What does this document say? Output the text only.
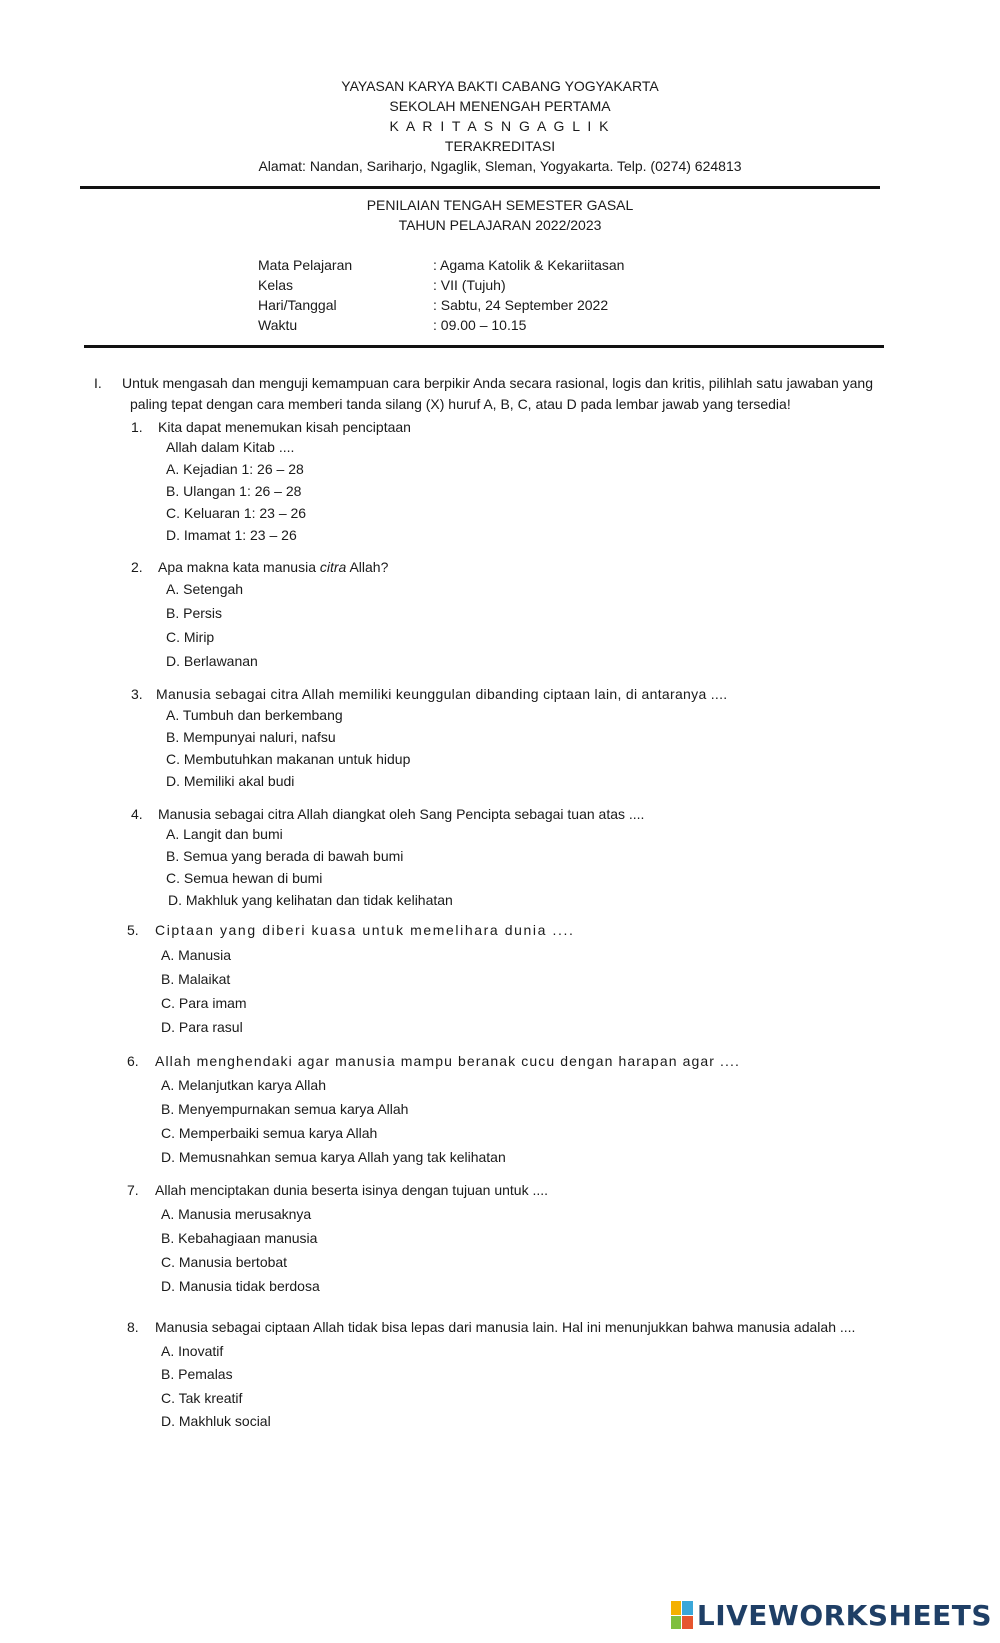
YAYASAN KARYA BAKTI CABANG YOGYAKARTA
SEKOLAH MENENGAH PERTAMA
K A R I T A S N G A G L I K
TERAKREDITASI
Alamat: Nandan, Sariharjo, Ngaglik, Sleman, Yogyakarta. Telp. (0274) 624813
PENILAIAN TENGAH SEMESTER GASAL
TAHUN PELAJARAN 2022/2023
Mata Pelajaran	: Agama Katolik & Kekariitasan
Kelas	: VII (Tujuh)
Hari/Tanggal	: Sabtu, 24 September 2022
Waktu	: 09.00 – 10.15
I. Untuk mengasah dan menguji kemampuan cara berpikir Anda secara rasional, logis dan kritis, pilihlah satu jawaban yang
paling tepat dengan cara memberi tanda silang (X) huruf A, B, C, atau D pada lembar jawab yang tersedia!
1. Kita dapat menemukan kisah penciptaan
Allah dalam Kitab ....
A. Kejadian 1: 26 – 28
B. Ulangan 1: 26 – 28
C. Keluaran 1: 23 – 26
D. Imamat 1: 23 – 26
2. Apa makna kata manusia citra Allah?
A. Setengah
B. Persis
C. Mirip
D. Berlawanan
3. Manusia sebagai citra Allah memiliki keunggulan dibanding ciptaan lain, di antaranya ....
A. Tumbuh dan berkembang
B. Mempunyai naluri, nafsu
C. Membutuhkan makanan untuk hidup
D. Memiliki akal budi
4. Manusia sebagai citra Allah diangkat oleh Sang Pencipta sebagai tuan atas ....
A. Langit dan bumi
B. Semua yang berada di bawah bumi
C. Semua hewan di bumi
D. Makhluk yang kelihatan dan tidak kelihatan
5. Ciptaan yang diberi kuasa untuk memelihara dunia ....
A. Manusia
B. Malaikat
C. Para imam
D. Para rasul
6. Allah menghendaki agar manusia mampu beranak cucu dengan harapan agar ....
A. Melanjutkan karya Allah
B. Menyempurnakan semua karya Allah
C. Memperbaiki semua karya Allah
D. Memusnahkan semua karya Allah yang tak kelihatan
7. Allah menciptakan dunia beserta isinya dengan tujuan untuk ....
A. Manusia merusaknya
B. Kebahagiaan manusia
C. Manusia bertobat
D. Manusia tidak berdosa
8. Manusia sebagai ciptaan Allah tidak bisa lepas dari manusia lain. Hal ini menunjukkan bahwa manusia adalah ....
A. Inovatif
B. Pemalas
C. Tak kreatif
D. Makhluk social
LIVEWORKSHEETS
